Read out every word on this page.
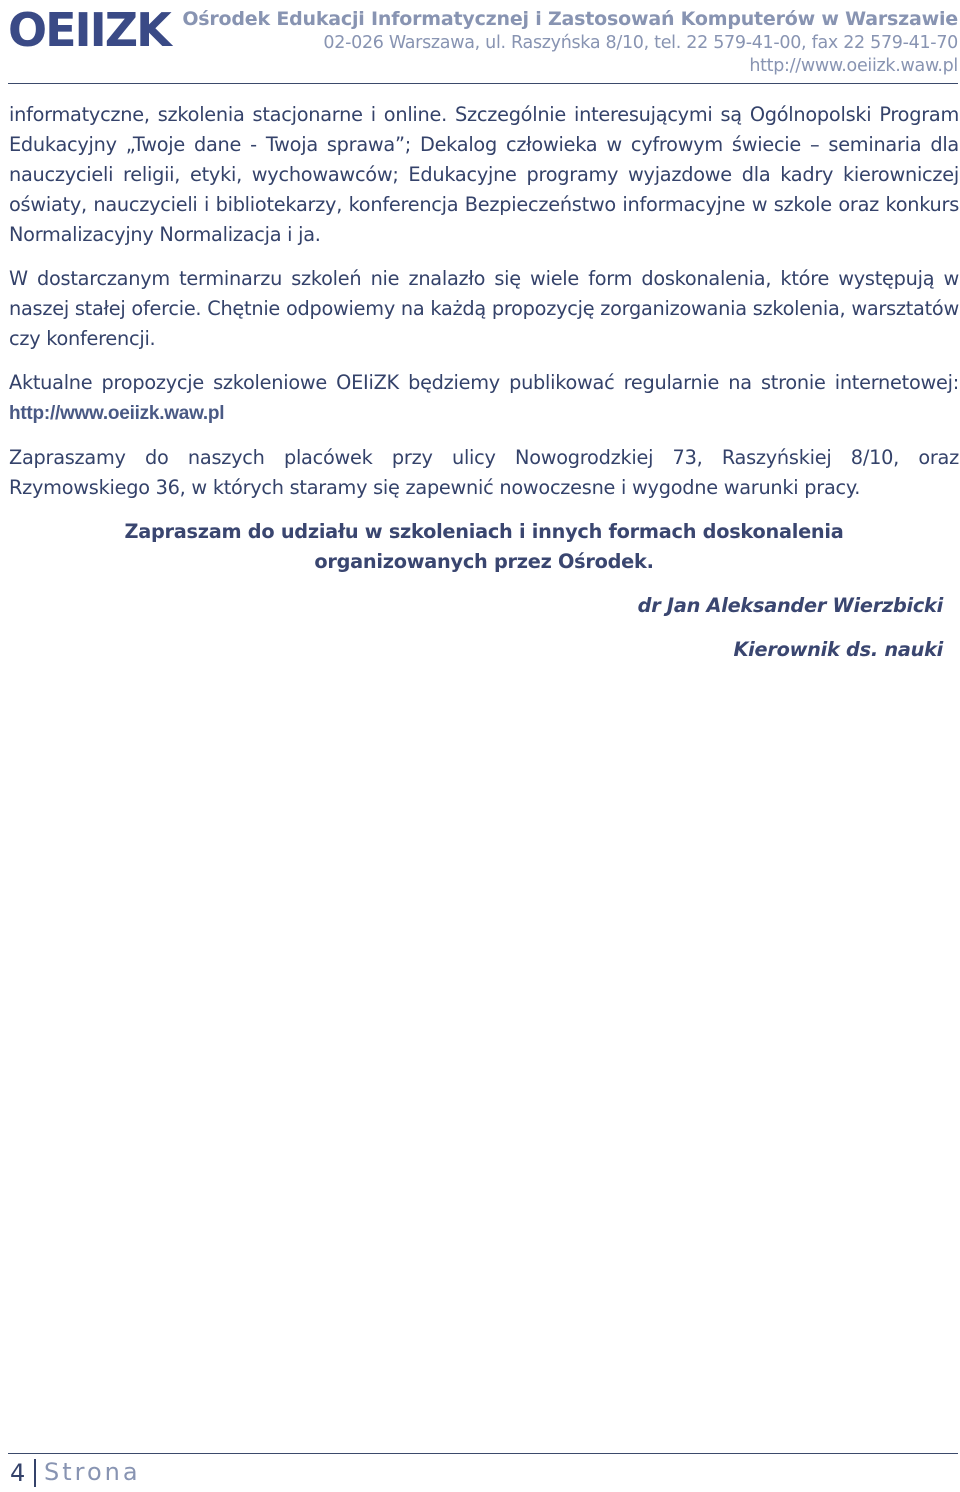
OEIIZK Ośrodek Edukacji Informatycznej i Zastosowań Komputerów w Warszawie
02-026 Warszawa, ul. Raszyńska 8/10, tel. 22 579-41-00, fax 22 579-41-70
http://www.oeiizk.waw.pl

informatyczne, szkolenia stacjonarne i online. Szczególnie interesującymi są Ogólnopolski Program Edukacyjny „Twoje dane - Twoja sprawa”; Dekalog człowieka w cyfrowym świecie – seminaria dla nauczycieli religii, etyki, wychowawców; Edukacyjne programy wyjazdowe dla kadry kierowniczej oświaty, nauczycieli i bibliotekarzy, konferencja Bezpieczeństwo informacyjne w szkole oraz konkurs Normalizacyjny Normalizacja i ja.

W dostarczanym terminarzu szkoleń nie znalazło się wiele form doskonalenia, które występują w naszej stałej ofercie. Chętnie odpowiemy na każdą propozycję zorganizowania szkolenia, warsztatów czy konferencji.

Aktualne propozycje szkoleniowe OEIiZK będziemy publikować regularnie na stronie internetowej: http://www.oeiizk.waw.pl

Zapraszamy do naszych placówek przy ulicy Nowogrodzkiej 73, Raszyńskiej 8/10, oraz Rzymowskiego 36, w których staramy się zapewnić nowoczesne i wygodne warunki pracy.

Zapraszam do udziału w szkoleniach i innych formach doskonalenia
organizowanych przez Ośrodek.

dr Jan Aleksander Wierzbicki

Kierownik ds. nauki

4 Strona
